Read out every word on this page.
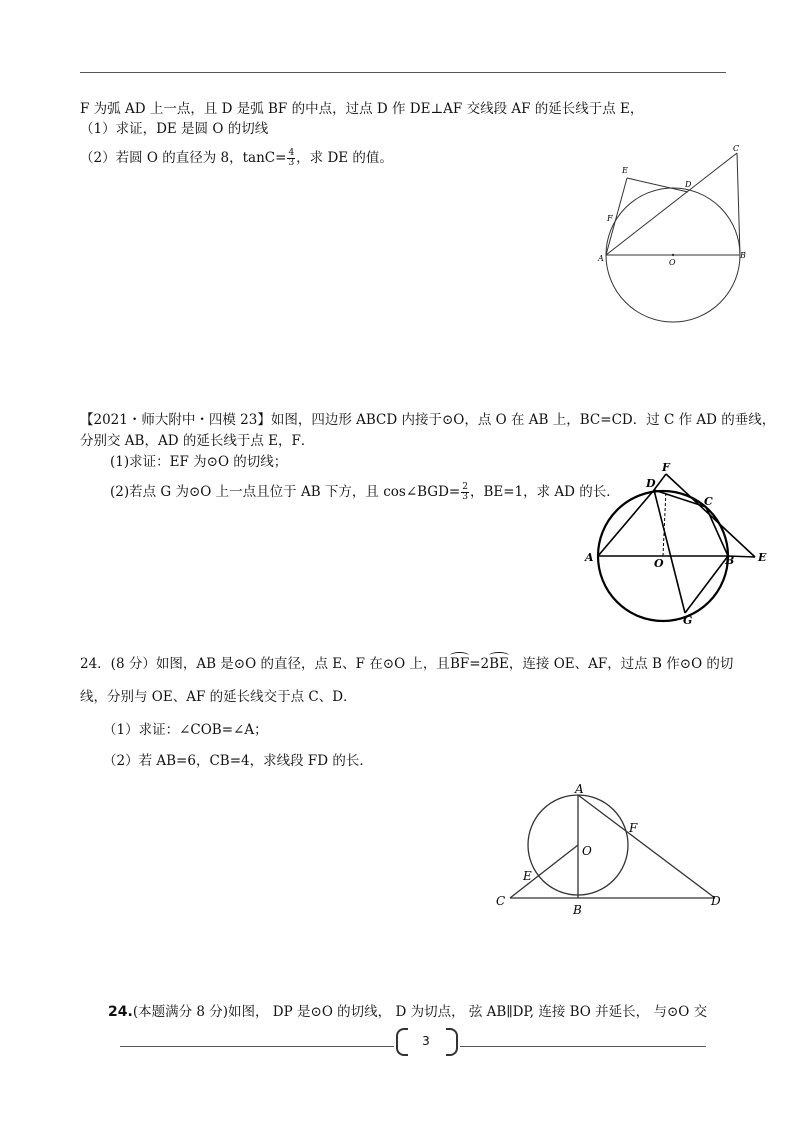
F 为弧 AD 上一点，且 D 是弧 BF 的中点，过点 D 作 DE⊥AF 交线段 AF 的延长线于点 E，
（1）求证，DE 是圆 O 的切线
（2）若圆 O 的直径为 8，$\tan C= \frac{4}{3}$ ，求 DE 的值。
C
E
D
F
A	O
B
【2021・师大附中・四模 23】如图，四边形 ABCD 内接于⊙O，点 O 在 AB 上，BC=CD．过 C 作 AD 的垂线，
分别交 AB，AD 的延长线于点 E，F．
(1)求证：EF 为⊙O 的切线；
(2)若点 G 为⊙O 上一点且位于 AB 下方，且 cos∠BGD= $\frac{2}{3}$ ，BE=1，求 AD 的长．
F
D
C
A	O	B E
G
24．(8 分）如图，AB 是⊙O 的直径，点 E、F 在⊙O 上，且BF=2BE，连接 OE、AF，过点 B 作⊙O 的切
线，分别与 OE、AF 的延长线交于点 C、D．
（1）求证：∠COB=∠A；
（2）若 AB=6，CB=4，求线段 FD 的长．
A
F
O
E
C
B
D
24.(本题满分 8 分)如图， DP 是⊙O 的切线， D 为切点， 弦 AB∥DP, 连接 BO 并延长， 与⊙O 交
3
